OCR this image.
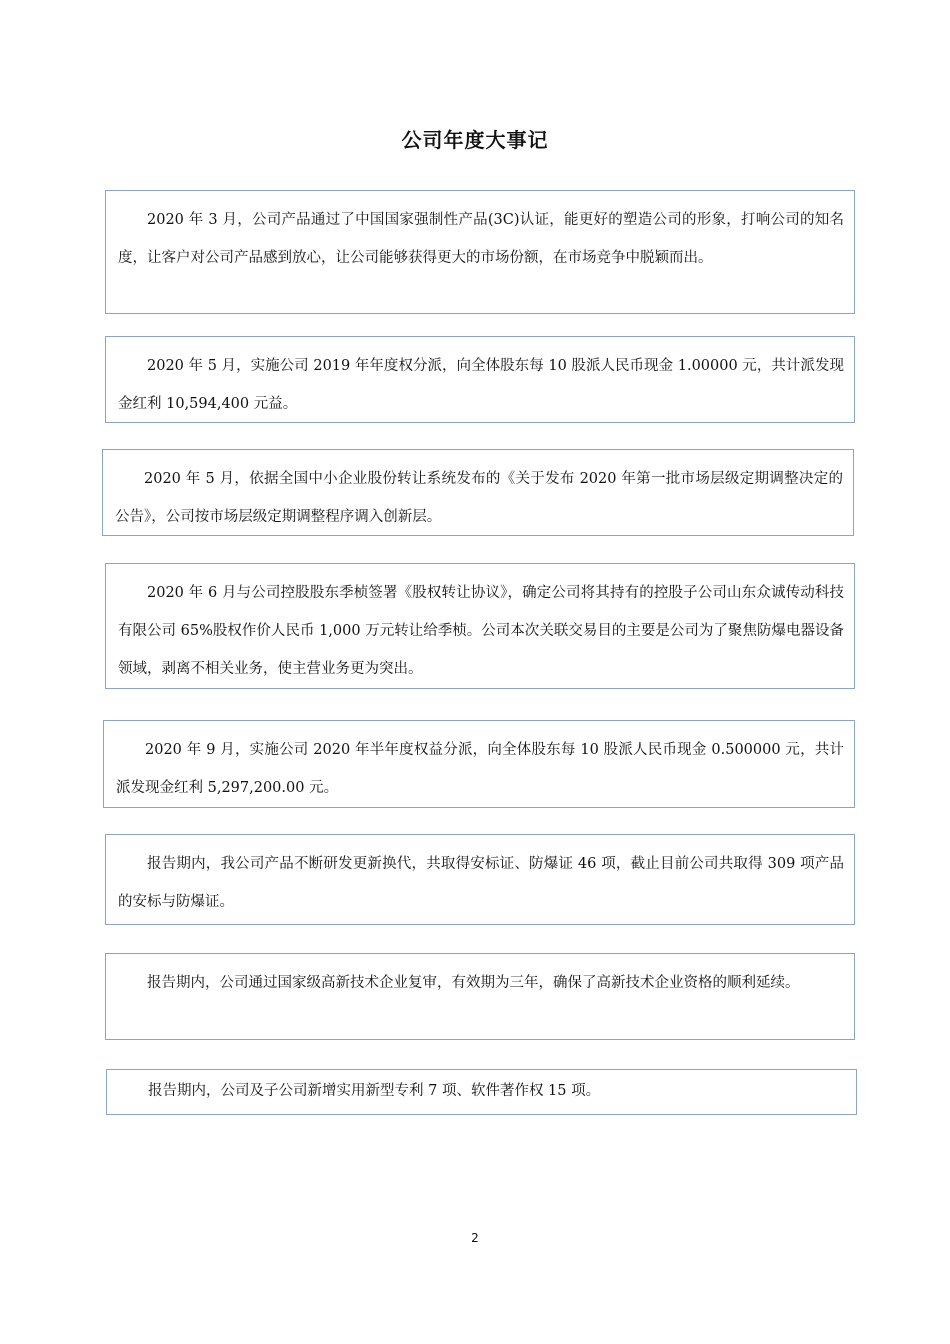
公司年度大事记

2020 年 3 月，公司产品通过了中国国家强制性产品(3C)认证，能更好的塑造公司的形象，打响公司的知名度，让客户对公司产品感到放心，让公司能够获得更大的市场份额，在市场竞争中脱颖而出。

2020 年 5 月，实施公司 2019 年年度权分派，向全体股东每 10 股派人民币现金 1.00000 元，共计派发现金红利 10,594,400 元益。

2020 年 5 月，依据全国中小企业股份转让系统发布的《关于发布 2020 年第一批市场层级定期调整决定的公告》，公司按市场层级定期调整程序调入创新层。

2020 年 6 月与公司控股股东季桢签署《股权转让协议》，确定公司将其持有的控股子公司山东众诚传动科技有限公司 65%股权作价人民币 1,000 万元转让给季桢。公司本次关联交易目的主要是公司为了聚焦防爆电器设备领域，剥离不相关业务，使主营业务更为突出。

2020 年 9 月，实施公司 2020 年半年度权益分派，向全体股东每 10 股派人民币现金 0.500000 元，共计派发现金红利 5,297,200.00 元。

报告期内，我公司产品不断研发更新换代，共取得安标证、防爆证 46 项，截止目前公司共取得 309 项产品的安标与防爆证。

报告期内，公司通过国家级高新技术企业复审，有效期为三年，确保了高新技术企业资格的顺利延续。

报告期内，公司及子公司新增实用新型专利 7 项、软件著作权 15 项。

2
